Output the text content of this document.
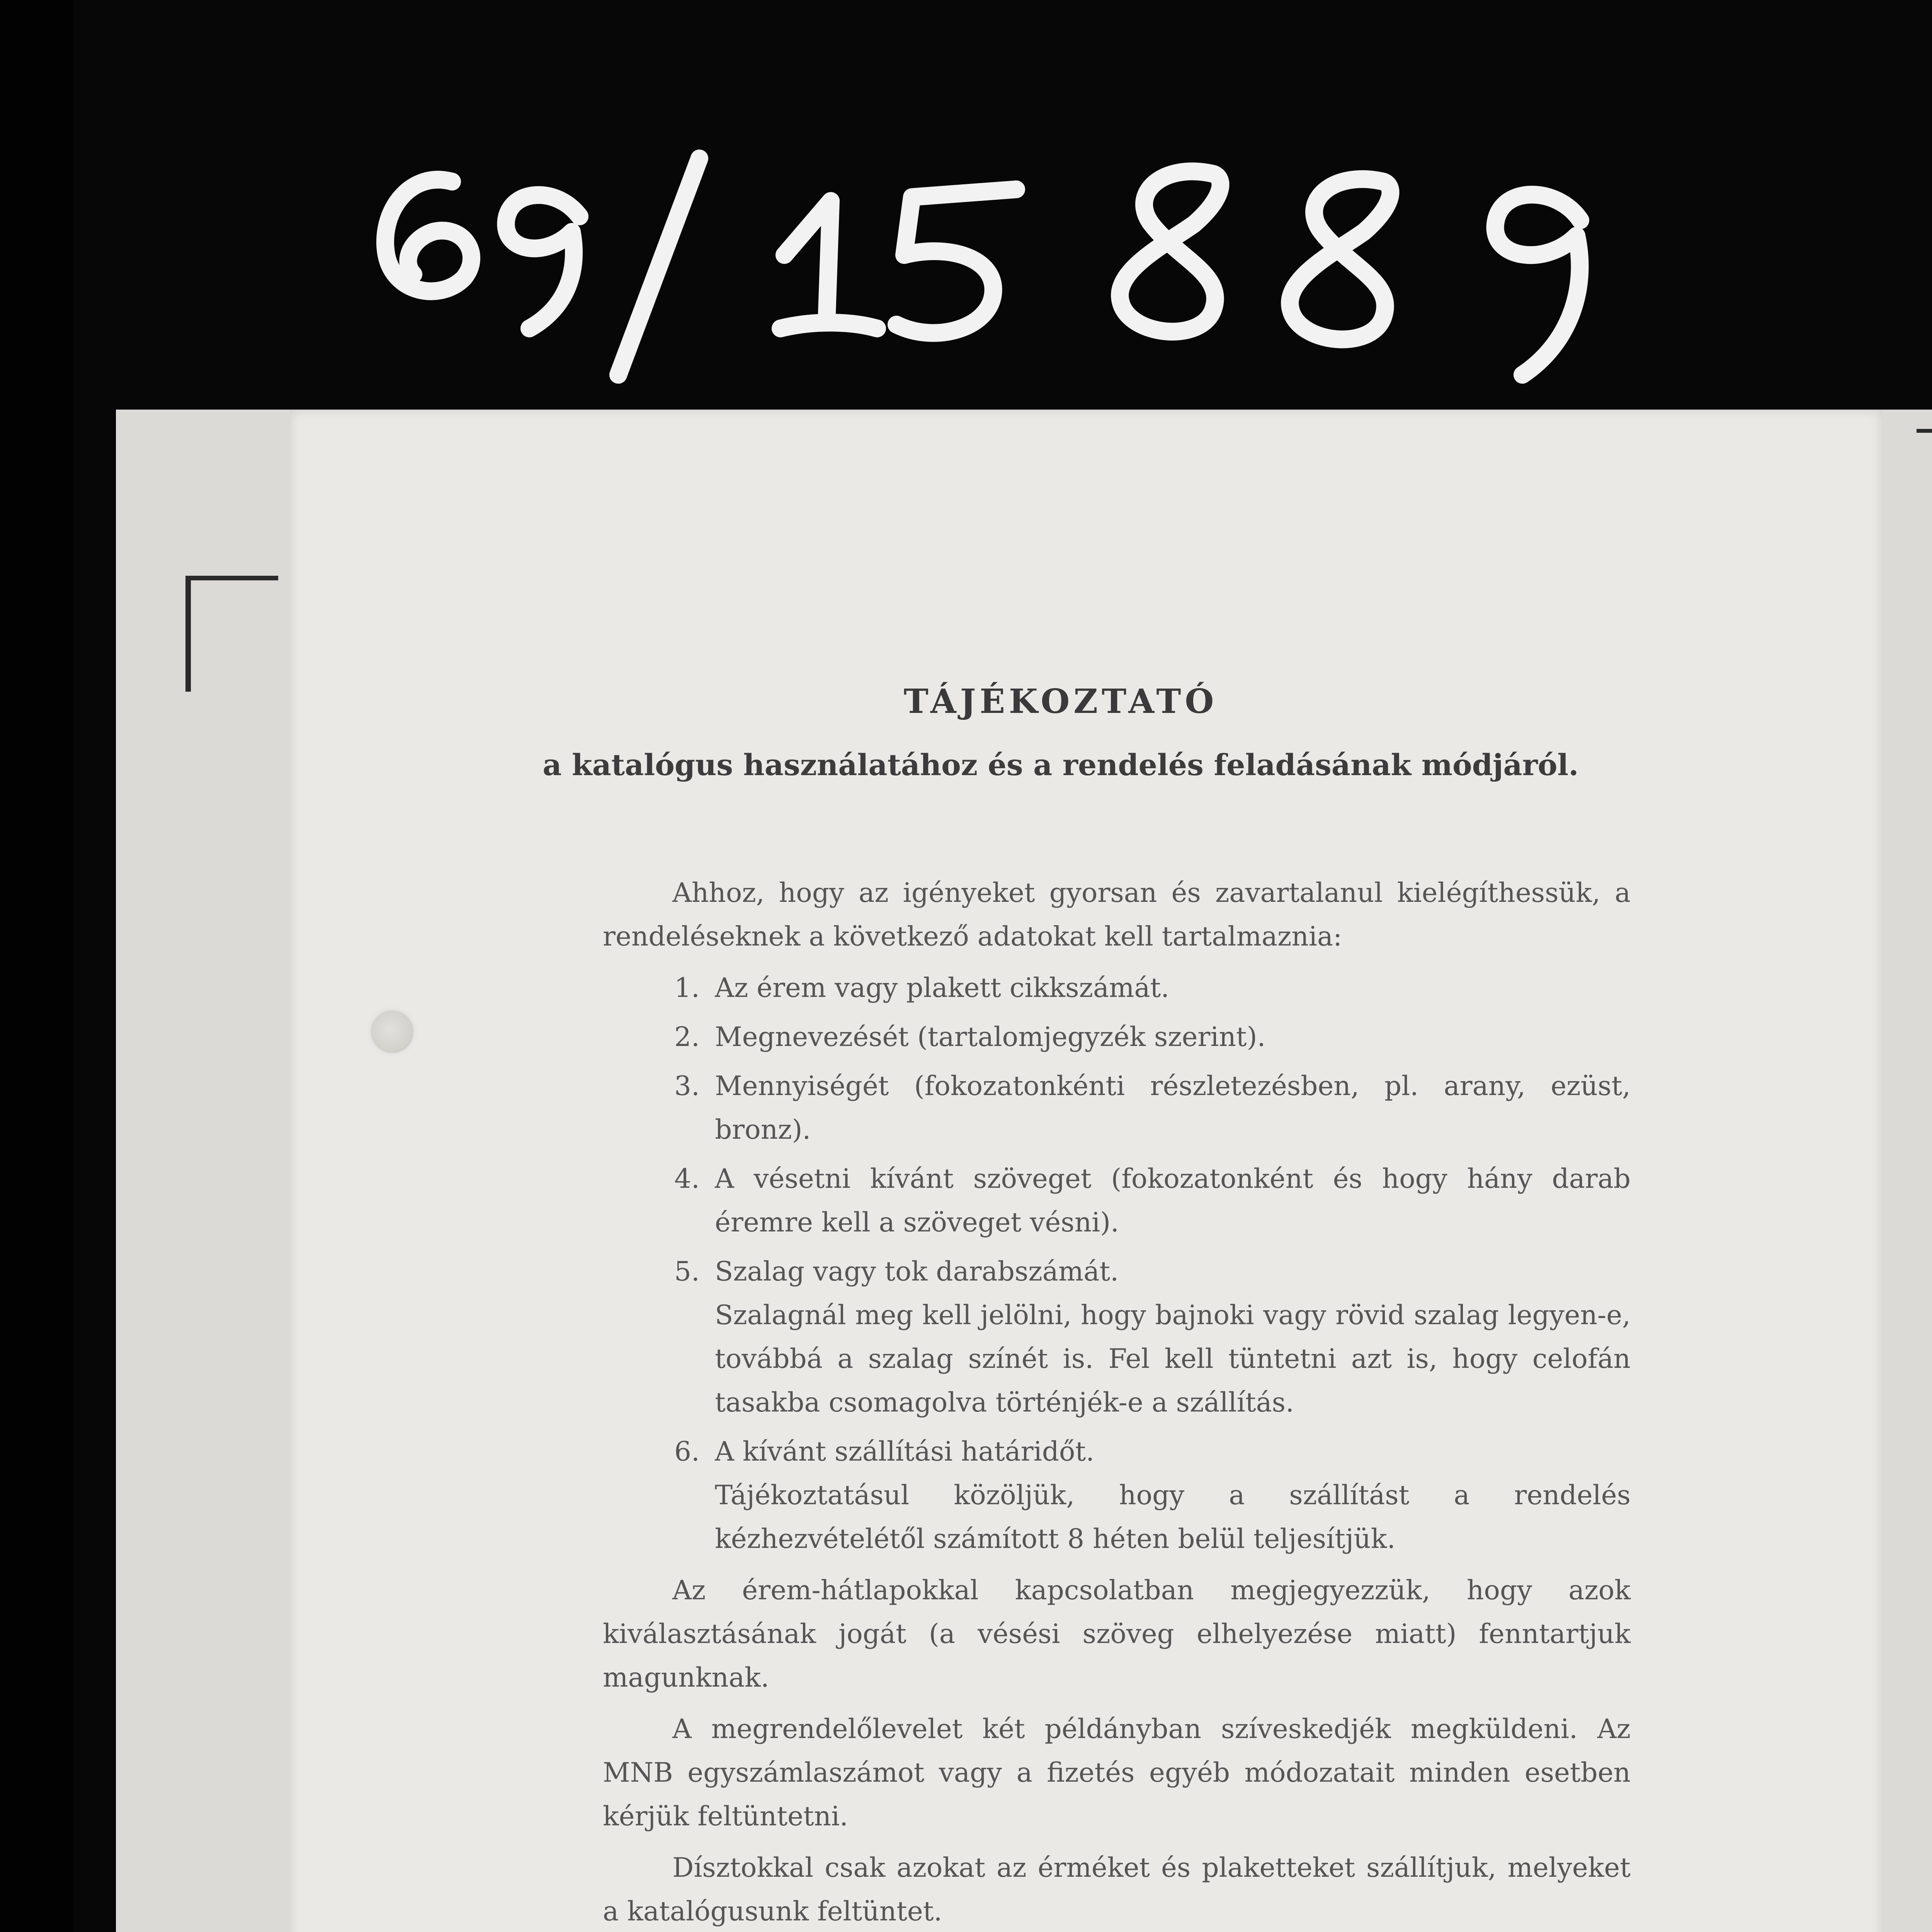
69/15889
TÁJÉKOZTATÓ
a katalógus használatához és a rendelés feladásának módjáról.

Ahhoz, hogy az igényeket gyorsan és zavartalanul kielégíthessük, a rendeléseknek a következő adatokat kell tartalmaznia:

1. Az érem vagy plakett cikkszámát.
2. Megnevezését (tartalomjegyzék szerint).
3. Mennyiségét (fokozatonkénti részletezésben, pl. arany, ezüst, bronz).
4. A vésetni kívánt szöveget (fokozatonként és hogy hány darab éremre kell a szöveget vésni).
5. Szalag vagy tok darabszámát.
Szalagnál meg kell jelölni, hogy bajnoki vagy rövid szalag legyen-e, továbbá a szalag színét is. Fel kell tüntetni azt is, hogy celofán tasakba csomagolva történjék-e a szállítás.
6. A kívánt szállítási határidőt.
Tájékoztatásul közöljük, hogy a szállítást a rendelés kézhezvételétől számított 8 héten belül teljesítjük.

Az érem-hátlapokkal kapcsolatban megjegyezzük, hogy azok kiválasztásának jogát (a vésési szöveg elhelyezése miatt) fenntartjuk magunknak.

A megrendelőlevelet két példányban szíveskedjék megküldeni. Az MNB egyszámlaszámot vagy a fizetés egyéb módozatait minden esetben kérjük feltüntetni.

Dísztokkal csak azokat az érméket és plaketteket szállítjuk, melyeket a katalógusunk feltüntet.
